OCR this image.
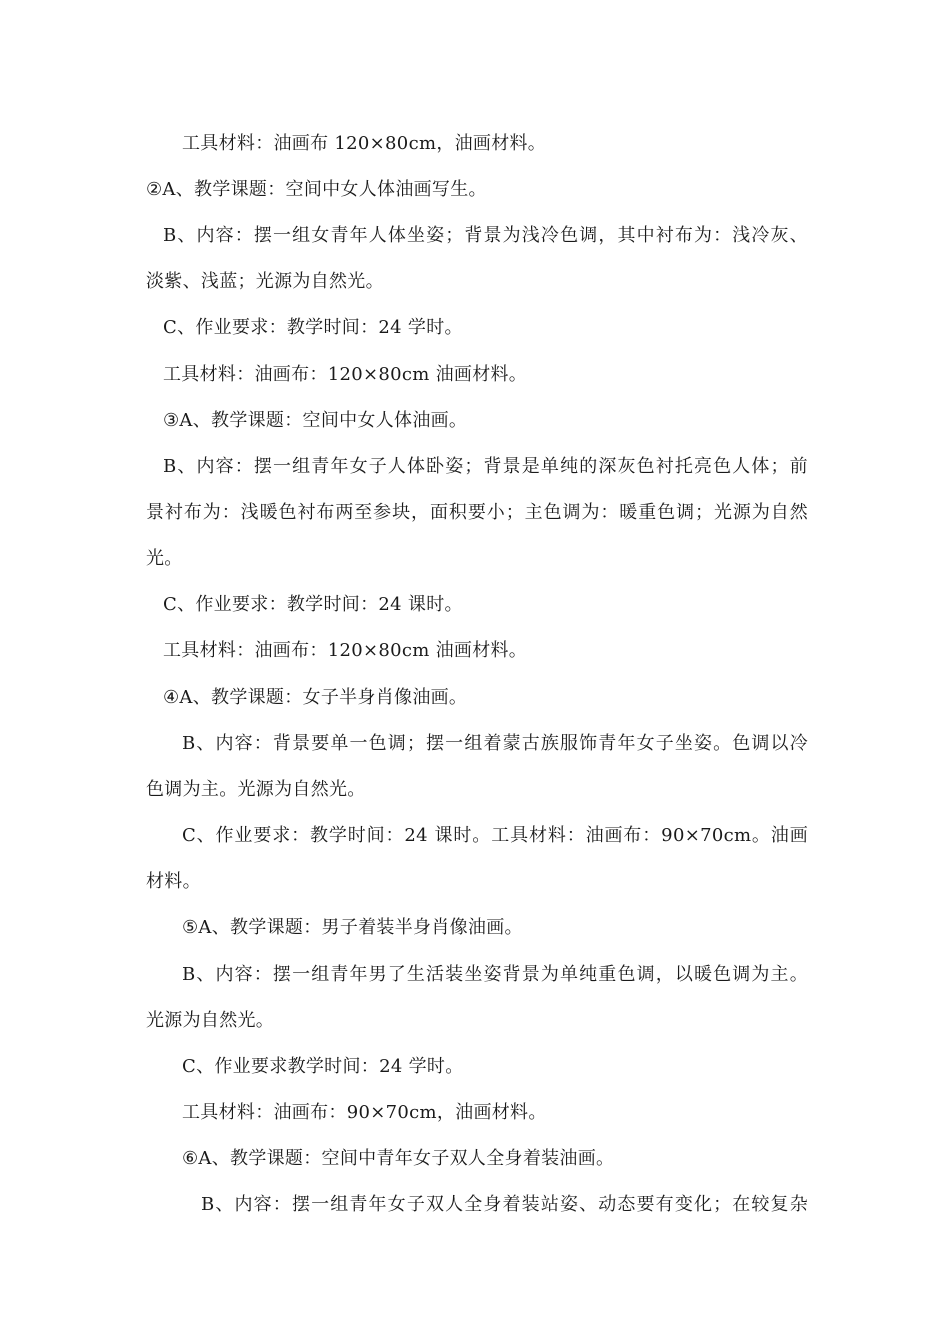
工具材料：油画布 120×80cm，油画材料。
②A、教学课题：空间中女人体油画写生。
B、内容：摆一组女青年人体坐姿；背景为浅冷色调，其中衬布为：浅冷灰、
淡紫、浅蓝；光源为自然光。
C、作业要求：教学时间：24 学时。
工具材料：油画布：120×80cm 油画材料。
③A、教学课题：空间中女人体油画。
B、内容：摆一组青年女子人体卧姿；背景是单纯的深灰色衬托亮色人体；前
景衬布为：浅暖色衬布两至参块，面积要小；主色调为：暖重色调；光源为自然
光。
C、作业要求：教学时间：24 课时。
工具材料：油画布：120×80cm 油画材料。
④A、教学课题：女子半身肖像油画。
B、内容：背景要单一色调；摆一组着蒙古族服饰青年女子坐姿。色调以冷
色调为主。光源为自然光。
C、作业要求：教学时间：24 课时。工具材料：油画布：90×70cm。油画
材料。
⑤A、教学课题：男子着装半身肖像油画。
B、内容：摆一组青年男了生活装坐姿背景为单纯重色调，以暖色调为主。
光源为自然光。
C、作业要求教学时间：24 学时。
工具材料：油画布：90×70cm，油画材料。
⑥A、教学课题：空间中青年女子双人全身着装油画。
B、内容：摆一组青年女子双人全身着装站姿、动态要有变化；在较复杂
